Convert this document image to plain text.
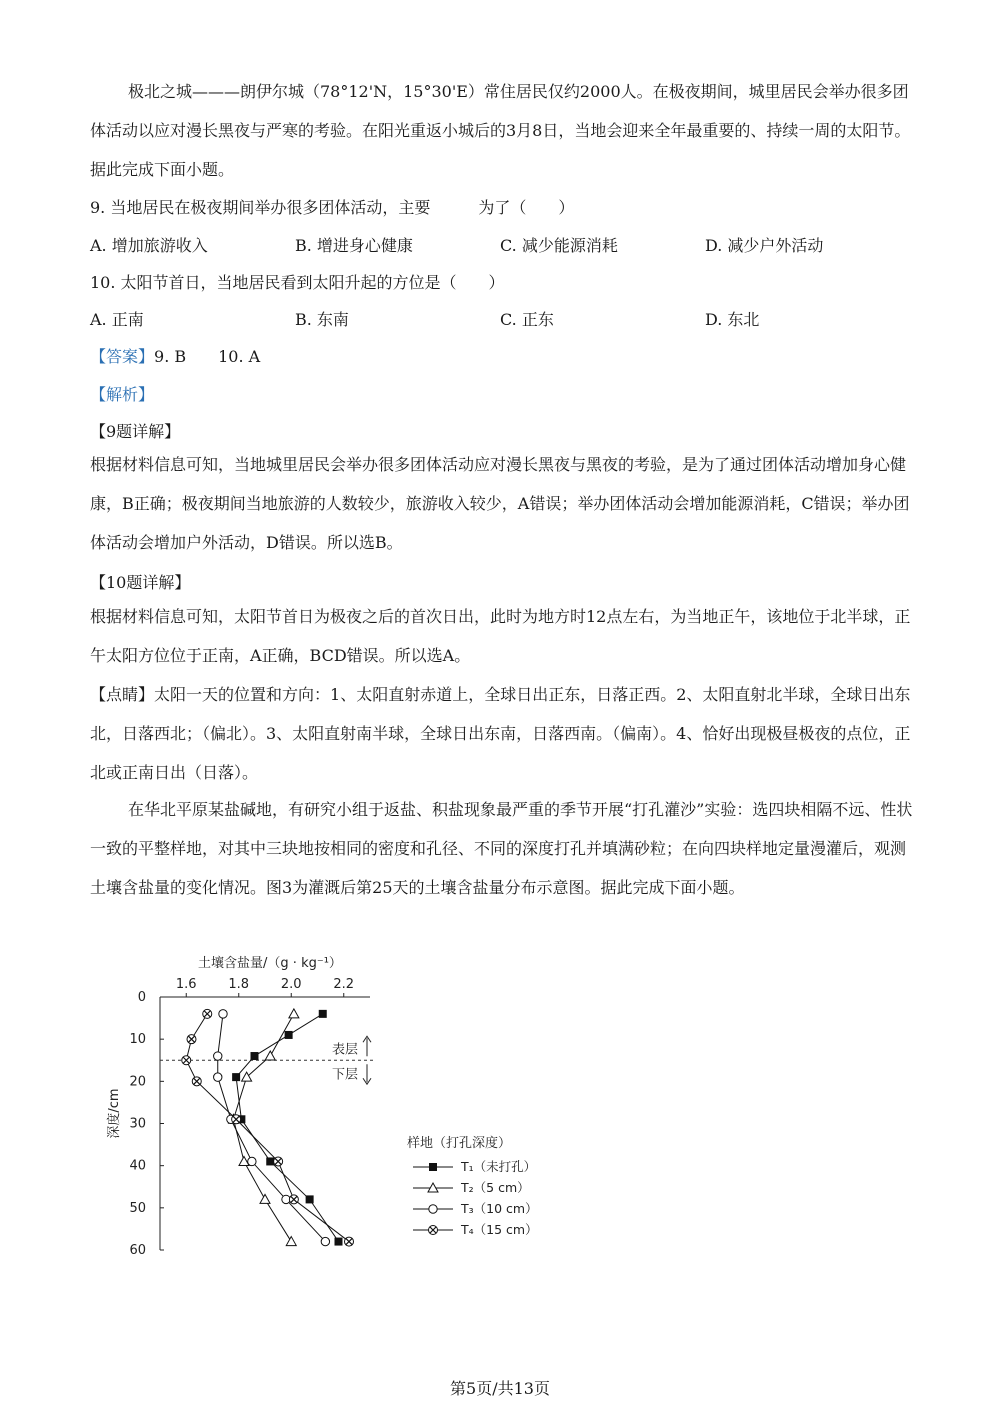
极北之城———朗伊尔城（78°12'N，15°30'E）常住居民仅约2000人。在极夜期间，城里居民会举办很多团体活动以应对漫长黑夜与严寒的考验。在阳光重返小城后的3月8日，当地会迎来全年最重要的、持续一周的太阳节。据此完成下面小题。
9. 当地居民在极夜期间举办很多团体活动，主要　　　为了（　　）
A. 增加旅游收入	B. 增进身心健康	C. 减少能源消耗	D. 减少户外活动
10. 太阳节首日，当地居民看到太阳升起的方位是（　　）
A. 正南	B. 东南	C. 正东	D. 东北
【答案】9. B　　10. A
【解析】
【9题详解】
根据材料信息可知，当地城里居民会举办很多团体活动应对漫长黑夜与黑夜的考验，是为了通过团体活动增加身心健康，B正确；极夜期间当地旅游的人数较少，旅游收入较少，A错误；举办团体活动会增加能源消耗，C错误；举办团体活动会增加户外活动，D错误。所以选B。
【10题详解】
根据材料信息可知，太阳节首日为极夜之后的首次日出，此时为地方时12点左右，为当地正午，该地位于北半球，正午太阳方位位于正南，A正确，BCD错误。所以选A。
【点睛】太阳一天的位置和方向：1、太阳直射赤道上，全球日出正东，日落正西。2、太阳直射北半球，全球日出东北，日落西北；（偏北）。3、太阳直射南半球，全球日出东南，日落西南。（偏南）。4、恰好出现极昼极夜的点位，正北或正南日出（日落）。
在华北平原某盐碱地，有研究小组于返盐、积盐现象最严重的季节开展“打孔灌沙”实验：选四块相隔不远、性状一致的平整样地，对其中三块地按相同的密度和孔径、不同的深度打孔并填满砂粒；在向四块样地定量漫灌后，观测土壤含盐量的变化情况。图3为灌溉后第25天的土壤含盐量分布示意图。据此完成下面小题。
土壤含盐量/（g · kg⁻¹）
1.6 1.8 2.0 2.2
0
10
20
30
40
50
60
深度/cm
表层
下层
样地（打孔深度）
T₁（未打孔）
T₂（5 cm）
T₃（10 cm）
T₄（15 cm）
第5页/共13页
